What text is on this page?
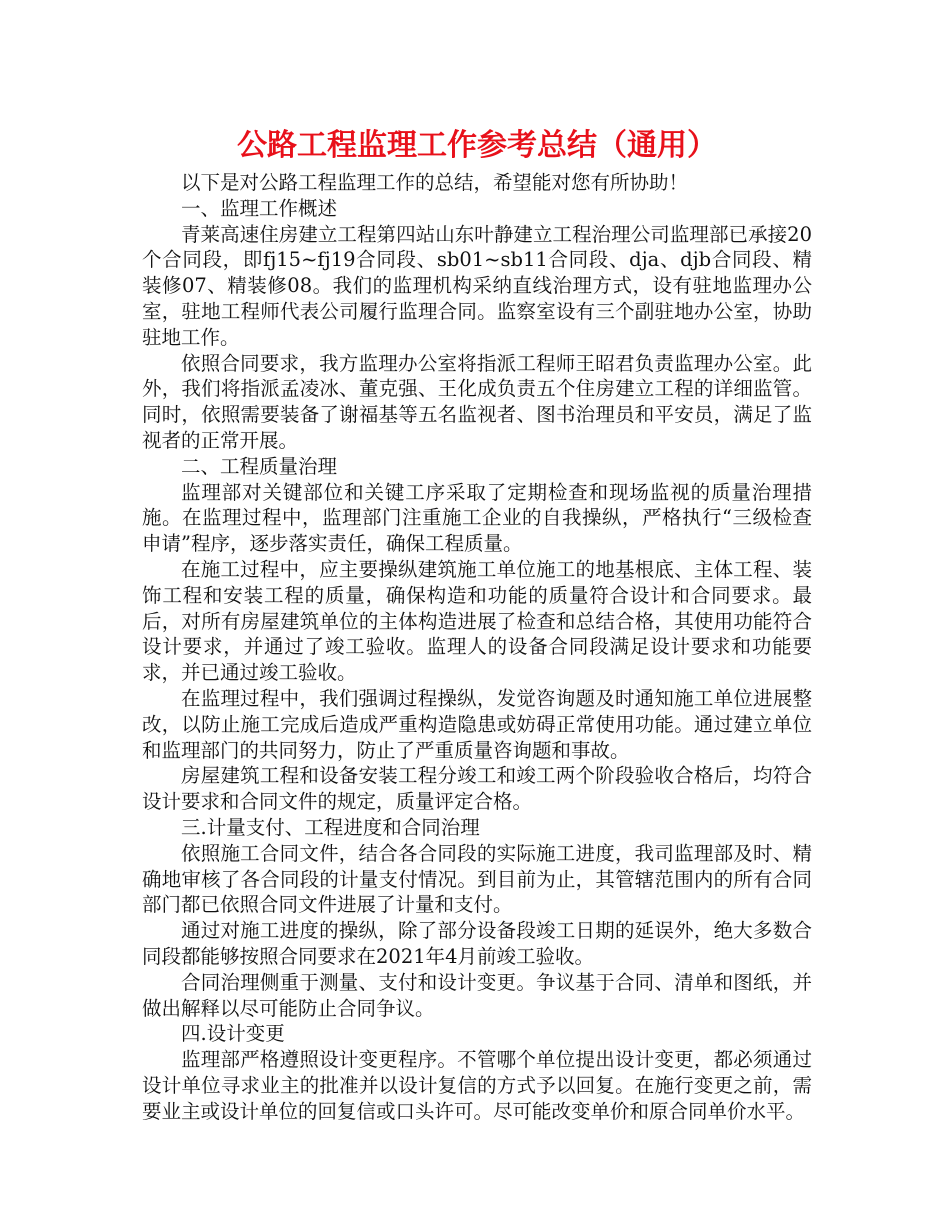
公路工程监理工作参考总结（通用）

以下是对公路工程监理工作的总结，希望能对您有所协助！

一、监理工作概述

青莱高速住房建立工程第四站山东叶静建立工程治理公司监理部已承接20个合同段，即fj15~fj19合同段、sb01~sb11合同段、dja、djb合同段、精装修07、精装修08。我们的监理机构采纳直线治理方式，设有驻地监理办公室，驻地工程师代表公司履行监理合同。监察室设有三个副驻地办公室，协助驻地工作。

依照合同要求，我方监理办公室将指派工程师王昭君负责监理办公室。此外，我们将指派孟凌冰、董克强、王化成负责五个住房建立工程的详细监管。同时，依照需要装备了谢福基等五名监视者、图书治理员和平安员，满足了监视者的正常开展。

二、工程质量治理

监理部对关键部位和关键工序采取了定期检查和现场监视的质量治理措施。在监理过程中，监理部门注重施工企业的自我操纵，严格执行“三级检查申请”程序，逐步落实责任，确保工程质量。

在施工过程中，应主要操纵建筑施工单位施工的地基根底、主体工程、装饰工程和安装工程的质量，确保构造和功能的质量符合设计和合同要求。最后，对所有房屋建筑单位的主体构造进展了检查和总结合格，其使用功能符合设计要求，并通过了竣工验收。监理人的设备合同段满足设计要求和功能要求，并已通过竣工验收。

在监理过程中，我们强调过程操纵，发觉咨询题及时通知施工单位进展整改，以防止施工完成后造成严重构造隐患或妨碍正常使用功能。通过建立单位和监理部门的共同努力，防止了严重质量咨询题和事故。

房屋建筑工程和设备安装工程分竣工和竣工两个阶段验收合格后，均符合设计要求和合同文件的规定，质量评定合格。

三.计量支付、工程进度和合同治理

依照施工合同文件，结合各合同段的实际施工进度，我司监理部及时、精确地审核了各合同段的计量支付情况。到目前为止，其管辖范围内的所有合同部门都已依照合同文件进展了计量和支付。

通过对施工进度的操纵，除了部分设备段竣工日期的延误外，绝大多数合同段都能够按照合同要求在2021年4月前竣工验收。

合同治理侧重于测量、支付和设计变更。争议基于合同、清单和图纸，并做出解释以尽可能防止合同争议。

四.设计变更

监理部严格遵照设计变更程序。不管哪个单位提出设计变更，都必须通过设计单位寻求业主的批准并以设计复信的方式予以回复。在施行变更之前，需要业主或设计单位的回复信或口头许可。尽可能改变单价和原合同单价水平。
